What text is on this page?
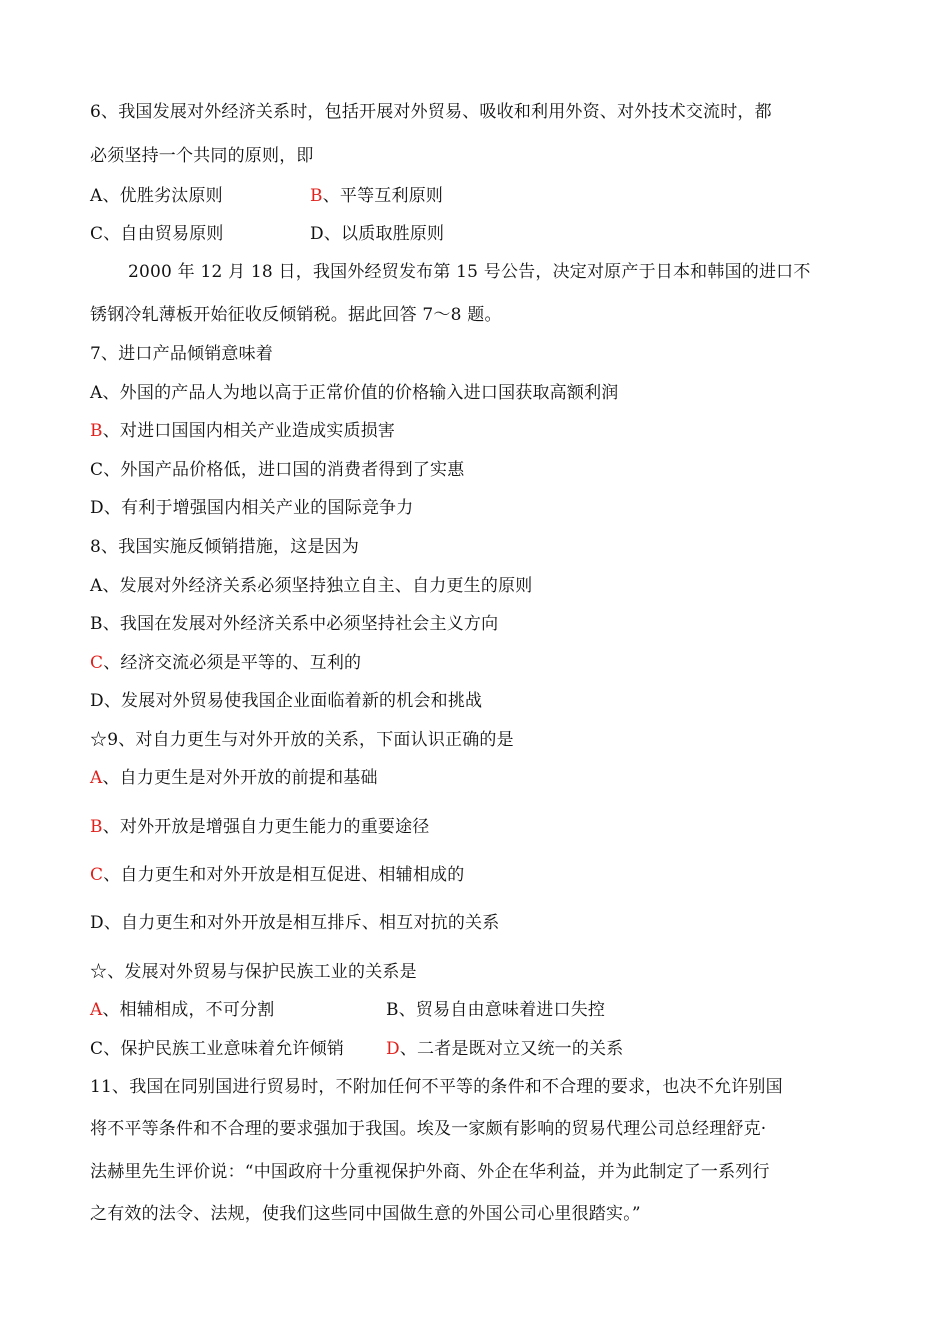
6、我国发展对外经济关系时，包括开展对外贸易、吸收和利用外资、对外技术交流时，都
必须坚持一个共同的原则，即
A、优胜劣汰原则	B、平等互利原则
C、自由贸易原则	D、以质取胜原则
2000 年 12 月 18 日，我国外经贸发布第 15 号公告，决定对原产于日本和韩国的进口不
锈钢冷轧薄板开始征收反倾销税。据此回答 7～8 题。
7、进口产品倾销意味着
A、外国的产品人为地以高于正常价值的价格输入进口国获取高额利润
B、对进口国国内相关产业造成实质损害
C、外国产品价格低，进口国的消费者得到了实惠
D、有利于增强国内相关产业的国际竞争力
8、我国实施反倾销措施，这是因为
A、发展对外经济关系必须坚持独立自主、自力更生的原则
B、我国在发展对外经济关系中必须坚持社会主义方向
C、经济交流必须是平等的、互利的
D、发展对外贸易使我国企业面临着新的机会和挑战
☆9、对自力更生与对外开放的关系，下面认识正确的是
A、自力更生是对外开放的前提和基础
B、对外开放是增强自力更生能力的重要途径
C、自力更生和对外开放是相互促进、相辅相成的
D、自力更生和对外开放是相互排斥、相互对抗的关系
☆、发展对外贸易与保护民族工业的关系是
A、相辅相成，不可分割	B、贸易自由意味着进口失控
C、保护民族工业意味着允许倾销 D、二者是既对立又统一的关系
11、我国在同别国进行贸易时，不附加任何不平等的条件和不合理的要求，也决不允许别国
将不平等条件和不合理的要求强加于我国。埃及一家颇有影响的贸易代理公司总经理舒克·
法赫里先生评价说：“中国政府十分重视保护外商、外企在华利益，并为此制定了一系列行
之有效的法令、法规，使我们这些同中国做生意的外国公司心里很踏实。”
